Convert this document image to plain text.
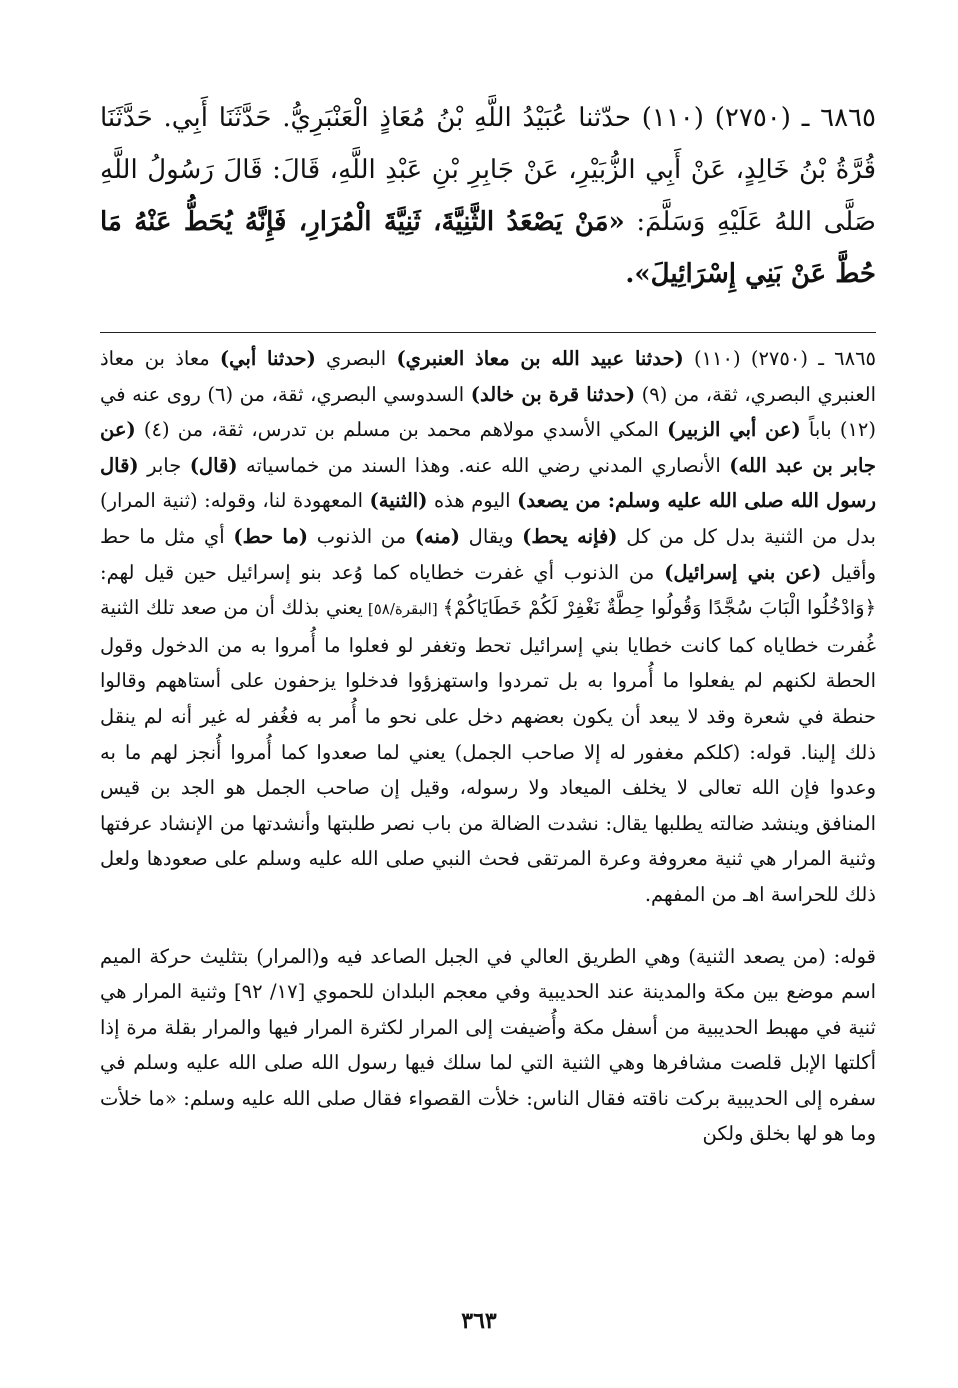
٦٨٦٥ ـ (٢٧٥٠) (١١٠) حدّثنا عُبَيْدُ اللَّهِ بْنُ مُعَاذٍ الْعَنْبَرِيُّ. حَدَّثَنَا أَبِي. حَدَّثَنَا قُرَّةُ بْنُ خَالِدٍ، عَنْ أَبِي الزُّبَيْرِ، عَنْ جَابِرِ بْنِ عَبْدِ اللَّهِ، قَالَ: قَالَ رَسُولُ اللَّهِ صَلَّى اللهُ عَلَيْهِ وَسَلَّمَ: «مَنْ يَصْعَدُ الثَّنِيَّةَ، ثَنِيَّةَ الْمُرَارِ، فَإِنَّهُ يُحَطُّ عَنْهُ مَا حُطَّ عَنْ بَنِي إِسْرَائِيلَ».

٦٨٦٥ ـ (٢٧٥٠) (١١٠) (حدثنا عبيد الله بن معاذ العنبري) البصري (حدثنا أبي) معاذ بن معاذ العنبري البصري، ثقة، من (٩) (حدثنا قرة بن خالد) السدوسي البصري، ثقة، من (٦) روى عنه في (١٢) باباً (عن أبي الزبير) المكي الأسدي مولاهم محمد بن مسلم بن تدرس، ثقة، من (٤) (عن جابر بن عبد الله) الأنصاري المدني رضي الله عنه. وهذا السند من خماسياته (قال) جابر (قال رسول الله صلى الله عليه وسلم: من يصعد) اليوم هذه (الثنية) المعهودة لنا، وقوله: (ثنية المرار) بدل من الثنية بدل كل من كل (فإنه يحط) ويقال (منه) من الذنوب (ما حط) أي مثل ما حط وأقيل (عن بني إسرائيل) من الذنوب أي غفرت خطاياه كما وُعد بنو إسرائيل حين قيل لهم: ﴿وَادْخُلُوا الْبَابَ سُجَّدًا وَقُولُوا حِطَّةٌ نَغْفِرْ لَكُمْ خَطَايَاكُمْ﴾ [البقرة/٥٨] يعني بذلك أن من صعد تلك الثنية غُفرت خطاياه كما كانت خطايا بني إسرائيل تحط وتغفر لو فعلوا ما أُمروا به من الدخول وقول الحطة لكنهم لم يفعلوا ما أُمروا به بل تمردوا واستهزؤوا فدخلوا يزحفون على أستاههم وقالوا حنطة في شعرة وقد لا يبعد أن يكون بعضهم دخل على نحو ما أُمر به فغُفر له غير أنه لم ينقل ذلك إلينا. قوله: (كلكم مغفور له إلا صاحب الجمل) يعني لما صعدوا كما أُمروا أُنجز لهم ما به وعدوا فإن الله تعالى لا يخلف الميعاد ولا رسوله، وقيل إن صاحب الجمل هو الجد بن قيس المنافق وينشد ضالته يطلبها يقال: نشدت الضالة من باب نصر طلبتها وأنشدتها من الإنشاد عرفتها وثنية المرار هي ثنية معروفة وعرة المرتقى فحث النبي صلى الله عليه وسلم على صعودها ولعل ذلك للحراسة اهـ من المفهم.

قوله: (من يصعد الثنية) وهي الطريق العالي في الجبل الصاعد فيه و(المرار) بتثليث حركة الميم اسم موضع بين مكة والمدينة عند الحديبية وفي معجم البلدان للحموي [١٧/ ٩٢] وثنية المرار هي ثنية في مهبط الحديبية من أسفل مكة وأُضيفت إلى المرار لكثرة المرار فيها والمرار بقلة مرة إذا أكلتها الإبل قلصت مشافرها وهي الثنية التي لما سلك فيها رسول الله صلى الله عليه وسلم في سفره إلى الحديبية بركت ناقته فقال الناس: خلأت القصواء فقال صلى الله عليه وسلم: «ما خلأت وما هو لها بخلق ولكن

٣٦٣
